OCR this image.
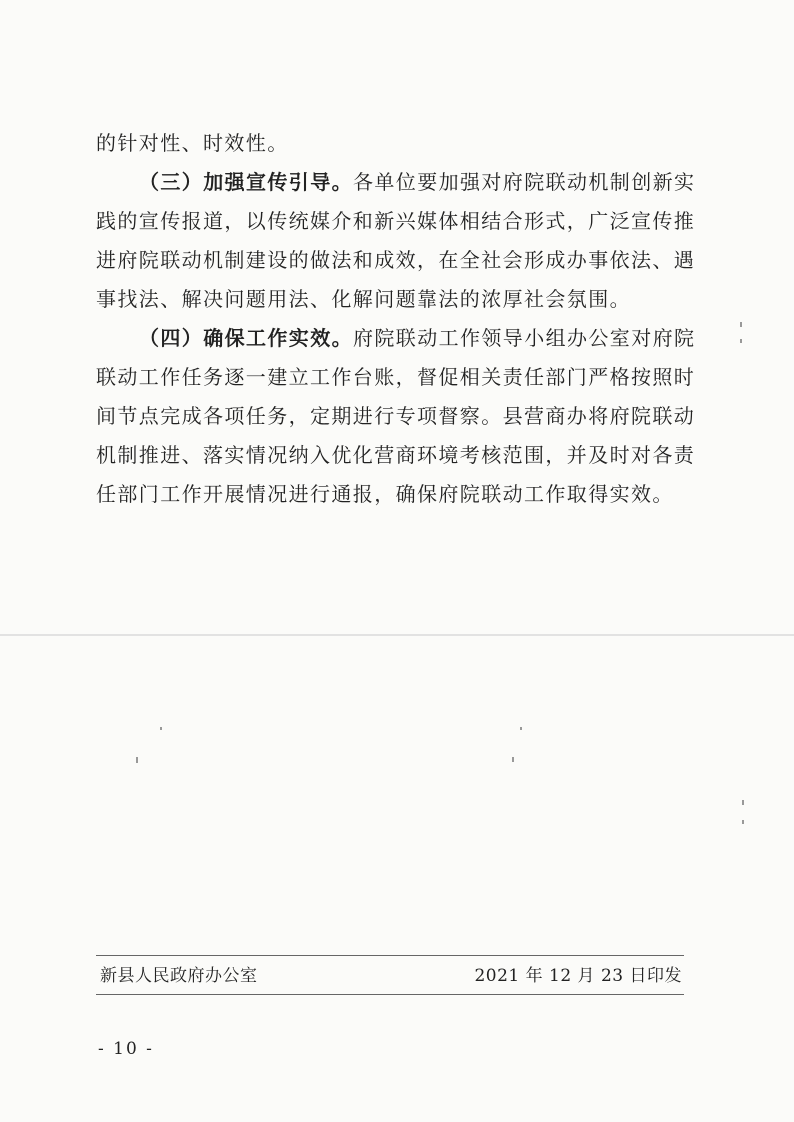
的针对性、时效性。
（三）加强宣传引导。各单位要加强对府院联动机制创新实
践的宣传报道，以传统媒介和新兴媒体相结合形式，广泛宣传推
进府院联动机制建设的做法和成效，在全社会形成办事依法、遇
事找法、解决问题用法、化解问题靠法的浓厚社会氛围。
（四）确保工作实效。府院联动工作领导小组办公室对府院
联动工作任务逐一建立工作台账，督促相关责任部门严格按照时
间节点完成各项任务，定期进行专项督察。县营商办将府院联动
机制推进、落实情况纳入优化营商环境考核范围，并及时对各责
任部门工作开展情况进行通报，确保府院联动工作取得实效。
新县人民政府办公室	2021 年 12 月 23 日印发
- 10 -
